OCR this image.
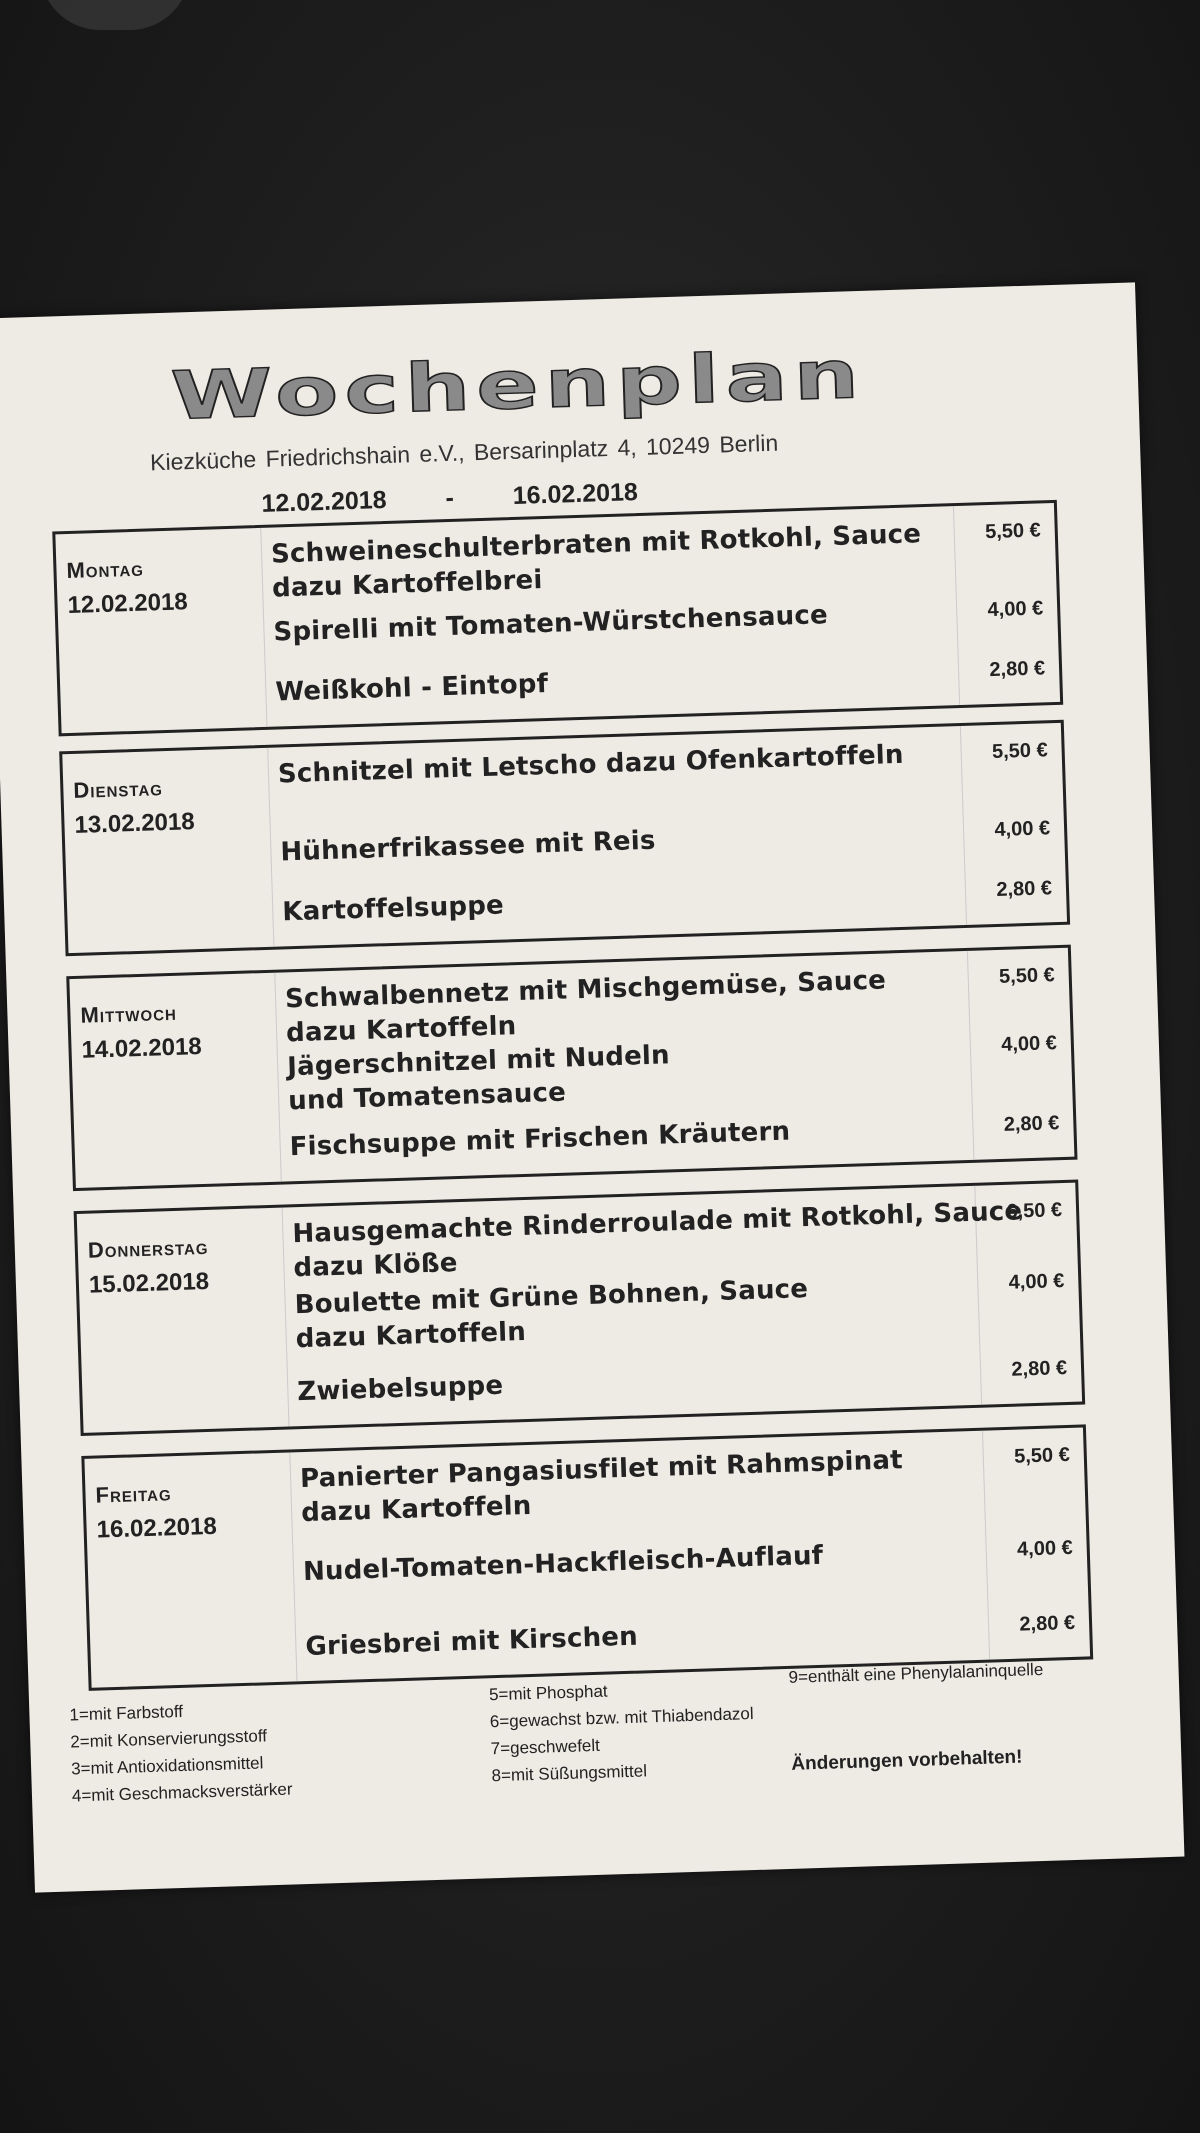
Wochenplan
Kiezküche Friedrichshain e.V., Bersarinplatz 4, 10249 Berlin
12.02.2018 - 16.02.2018
Montag
12.02.2018
Schweineschulterbraten mit Rotkohl, Sauce
dazu Kartoffelbrei
5,50 €
Spirelli mit Tomaten-Würstchensauce	4,00 €
Weißkohl - Eintopf	2,80 €
Dienstag
13.02.2018
Schnitzel mit Letscho dazu Ofenkartoffeln	5,50 €
Hühnerfrikassee mit Reis	4,00 €
Kartoffelsuppe
2,80 €
Mittwoch
14.02.2018
Schwalbennetz mit Mischgemüse, Sauce
dazu Kartoffeln
5,50 €
Jägerschnitzel mit Nudeln
und Tomatensauce
4,00 €
Fischsuppe mit Frischen Kräutern	2,80 €
Donnerstag
15.02.2018
Hausgemachte Rinderroulade mit Rotkohl, Sauce
dazu Klöße
6,50 €
Boulette mit Grüne Bohnen, Sauce
dazu Kartoffeln
4,00 €
Zwiebelsuppe
2,80 €
Freitag
16.02.2018
Panierter Pangasiusfilet mit Rahmspinat
dazu Kartoffeln
5,50 €
Nudel-Tomaten-Hackfleisch-Auflauf	4,00 €
Griesbrei mit Kirschen	2,80 €
1=mit Farbstoff
2=mit Konservierungsstoff
3=mit Antioxidationsmittel
4=mit Geschmacksverstärker
5=mit Phosphat
6=gewachst bzw. mit Thiabendazol
7=geschwefelt
8=mit Süßungsmittel
9=enthält eine Phenylalaninquelle
Änderungen vorbehalten!
